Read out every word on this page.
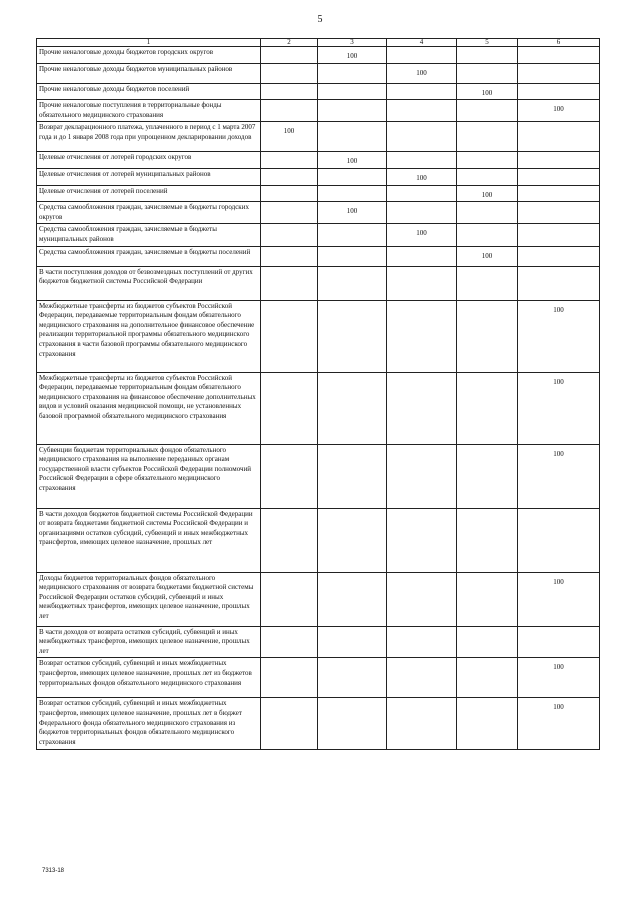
5
1	2	3	4	5	6
Прочие неналоговые доходы бюджетов городских округов		100			
Прочие неналоговые доходы бюджетов муниципальных районов			100		
Прочие неналоговые доходы бюджетов поселений				100	
Прочие неналоговые поступления в территориальные фонды обязательного медицинского страхования					100
Возврат декларационного платежа, уплаченного в период с 1 марта 2007 года и до 1 января 2008 года при упрощенном декларировании доходов	100				
Целевые отчисления от лотерей городских округов		100			
Целевые отчисления от лотерей муниципальных районов			100		
Целевые отчисления от лотерей поселений				100	
Средства самообложения граждан, зачисляемые в бюджеты городских округов		100			
Средства самообложения граждан, зачисляемые в бюджеты муниципальных районов			100		
Средства самообложения граждан, зачисляемые в бюджеты поселений				100	
В части поступления доходов от безвозмездных поступлений от других бюджетов бюджетной системы Российской Федерации					
Межбюджетные трансферты из бюджетов субъектов Российской Федерации, передаваемые территориальным фондам обязательного медицинского страхования на дополнительное финансовое обеспечение реализации территориальной программы обязательного медицинского страхования в части базовой программы обязательного медицинского страхования					100
Межбюджетные трансферты из бюджетов субъектов Российской Федерации, передаваемые территориальным фондам обязательного медицинского страхования на финансовое обеспечение дополнительных видов и условий оказания медицинской помощи, не установленных базовой программой обязательного медицинского страхования					100
Субвенции бюджетам территориальных фондов обязательного медицинского страхования на выполнение переданных органам государственной власти субъектов Российской Федерации полномочий Российской Федерации в сфере обязательного медицинского страхования					100
В части доходов бюджетов бюджетной системы Российской Федерации от возврата бюджетами бюджетной системы Российской Федерации и организациями остатков субсидий, субвенций и иных межбюджетных трансфертов, имеющих целевое назначение, прошлых лет					
Доходы бюджетов территориальных фондов обязательного медицинского страхования от возврата бюджетами бюджетной системы Российской Федерации остатков субсидий, субвенций и иных межбюджетных трансфертов, имеющих целевое назначение, прошлых лет					100
В части доходов от возврата остатков субсидий, субвенций и иных межбюджетных трансфертов, имеющих целевое назначение, прошлых лет					
Возврат остатков субсидий, субвенций и иных межбюджетных трансфертов, имеющих целевое назначение, прошлых лет из бюджетов территориальных фондов обязательного медицинского страхования					100
Возврат остатков субсидий, субвенций и иных межбюджетных трансфертов, имеющих целевое назначение, прошлых лет в бюджет Федерального фонда обязательного медицинского страхования из бюджетов территориальных фондов обязательного медицинского страхования					100
7313-18
